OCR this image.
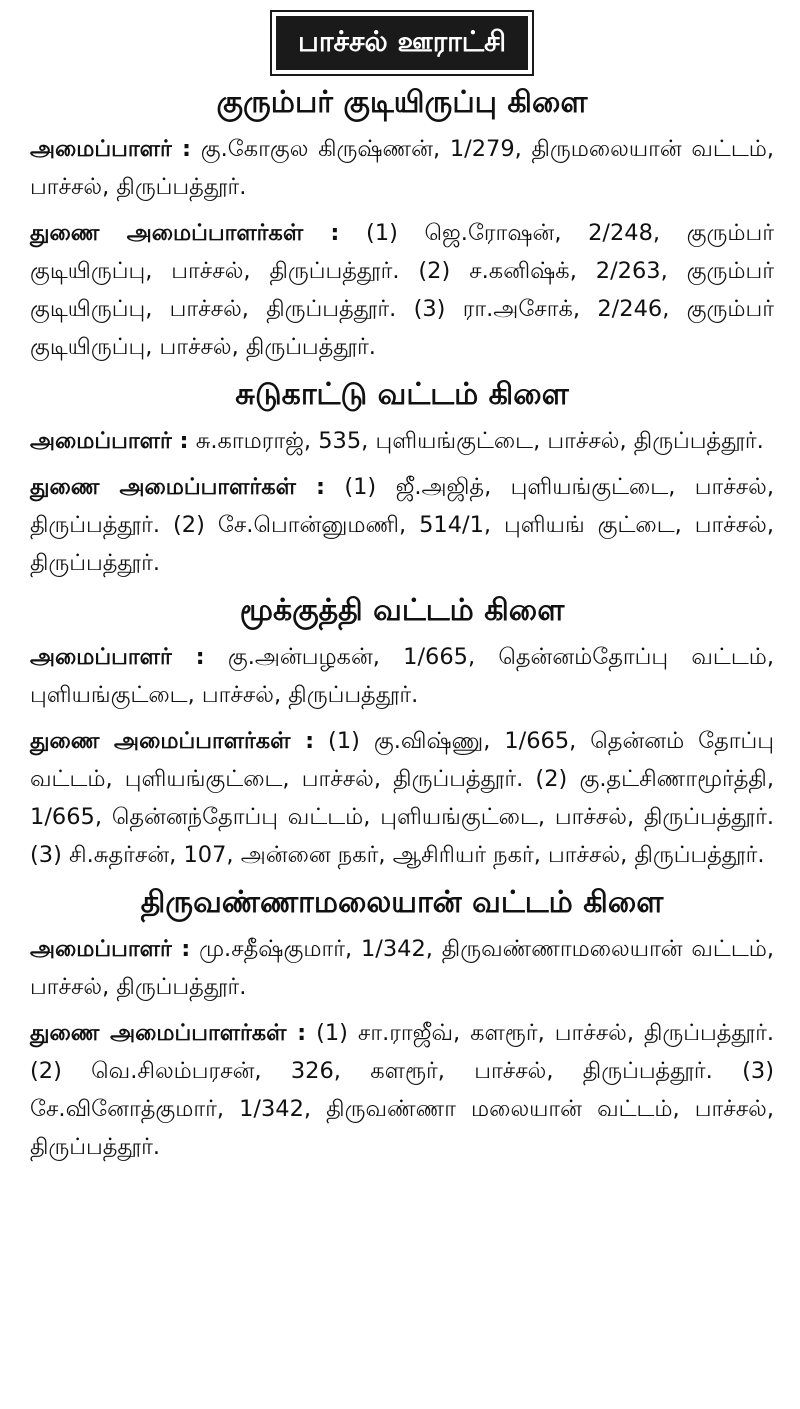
பாச்சல் ஊராட்சி
குரும்பர் குடியிருப்பு கிளை

அமைப்பாளர் : கு.கோகுல கிருஷ்ணன், 1/279, திருமலையான் வட்டம், பாச்சல், திருப்பத்தூர்.

துணை அமைப்பாளர்கள் : (1) ஜெ.ரோஷன், 2/248, குரும்பர் குடியிருப்பு, பாச்சல், திருப்பத்தூர். (2) ச.கனிஷ்க், 2/263, குரும்பர் குடியிருப்பு, பாச்சல், திருப்பத்தூர். (3) ரா.அசோக், 2/246, குரும்பர் குடியிருப்பு, பாச்சல், திருப்பத்தூர்.

சுடுகாட்டு வட்டம் கிளை

அமைப்பாளர் : சு.காமராஜ், 535, புளியங்குட்டை, பாச்சல், திருப்பத்தூர்.

துணை அமைப்பாளர்கள் : (1) ஜீ.அஜித், புளியங்குட்டை, பாச்சல், திருப்பத்தூர். (2) சே.பொன்னுமணி, 514/1, புளியங் குட்டை, பாச்சல், திருப்பத்தூர்.

மூக்குத்தி வட்டம் கிளை

அமைப்பாளர் : கு.அன்பழகன், 1/665, தென்னம்தோப்பு வட்டம், புளியங்குட்டை, பாச்சல், திருப்பத்தூர்.

துணை அமைப்பாளர்கள் : (1) கு.விஷ்ணு, 1/665, தென்னம் தோப்பு வட்டம், புளியங்குட்டை, பாச்சல், திருப்பத்தூர். (2) கு.தட்சிணாமூர்த்தி, 1/665, தென்னந்தோப்பு வட்டம், புளியங்குட்டை, பாச்சல், திருப்பத்தூர். (3) சி.சுதர்சன், 107, அன்னை நகர், ஆசிரியர் நகர், பாச்சல், திருப்பத்தூர்.

திருவண்ணாமலையான் வட்டம் கிளை

அமைப்பாளர் : மு.சதீஷ்குமார், 1/342, திருவண்ணாமலையான் வட்டம், பாச்சல், திருப்பத்தூர்.

துணை அமைப்பாளர்கள் : (1) சா.ராஜீவ், களரூர், பாச்சல், திருப்பத்தூர். (2) வெ.சிலம்பரசன், 326, களரூர், பாச்சல், திருப்பத்தூர். (3) சே.வினோத்குமார், 1/342, திருவண்ணா மலையான் வட்டம், பாச்சல், திருப்பத்தூர்.
